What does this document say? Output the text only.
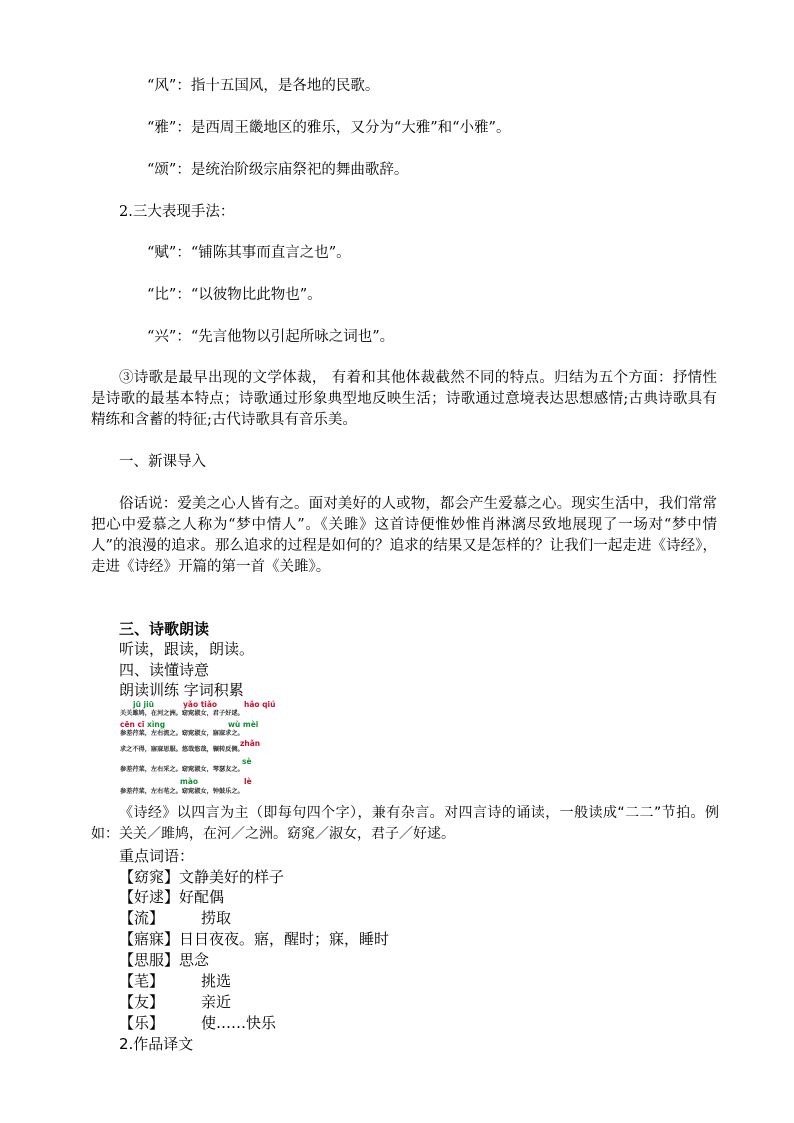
“风”：指十五国风，是各地的民歌。
“雅”：是西周王畿地区的雅乐，又分为“大雅”和“小雅”。
“颂”：是统治阶级宗庙祭祀的舞曲歌辞。
2.三大表现手法：
“赋”：“铺陈其事而直言之也”。
“比”：“以彼物比此物也”。
“兴”：“先言他物以引起所咏之词也”。
③诗歌是最早出现的文学体裁， 有着和其他体裁截然不同的特点。归结为五个方面：抒情性是诗歌的最基本特点；诗歌通过形象典型地反映生活；诗歌通过意境表达思想感情;古典诗歌具有精练和含蓄的特征;古代诗歌具有音乐美。
一、新课导入
俗话说：爱美之心人皆有之。面对美好的人或物，都会产生爱慕之心。现实生活中，我们常常把心中爱慕之人称为“梦中情人”。《关雎》这首诗便惟妙惟肖淋漓尽致地展现了一场对“梦中情人”的浪漫的追求。那么追求的过程是如何的？追求的结果又是怎样的？让我们一起走进《诗经》，走进《诗经》开篇的第一首《关雎》。
三、诗歌朗读
听读，跟读，朗读。
四、读懂诗意
朗读训练 字词积累
jū jiū	yǎo tiǎo	hǎo qiú
关关雎鸠，在河之洲。窈窕淑女，君子好逑。
cēn cī xìng	wù mèi
参差荇菜，左右流之。窈窕淑女，寤寐求之。
求之不得，寤寐思服。悠哉悠哉，辗转反侧。
zhǎn
sè
参差荇菜，左右采之。窈窕淑女，琴瑟友之。
mào	lè
参差荇菜，左右芼之。窈窕淑女，钟鼓乐之。
《诗经》以四言为主（即每句四个字），兼有杂言。对四言诗的诵读，一般读成“二二”节拍。例如：关关／雎鸠，在河／之洲。窈窕／淑女，君子／好逑。
重点词语：
【窈窕】文静美好的样子
【好逑】好配偶
【流】 捞取
【寤寐】日日夜夜。寤，醒时；寐，睡时
【思服】思念
【芼】 挑选
【友】 亲近
【乐】 使……快乐
2.作品译文
